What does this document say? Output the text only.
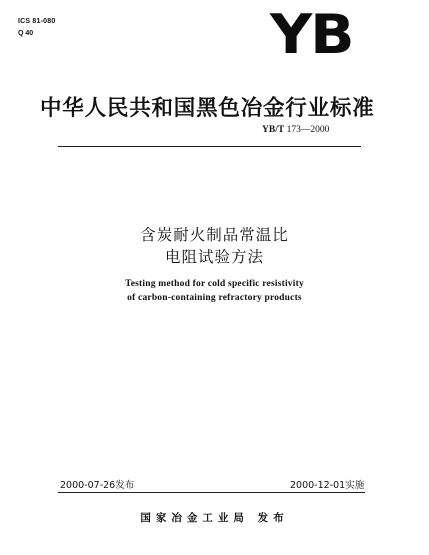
ICS 81-080
Q 40	YB
中华人民共和国黑色冶金行业标准
YB/T 173—2000
含炭耐火制品常温比
电阻试验方法
Testing method for cold specific resistivity
of carbon-containing refractory products
2000-07-26发布	2000-12-01实施
国家冶金工业局 发布
